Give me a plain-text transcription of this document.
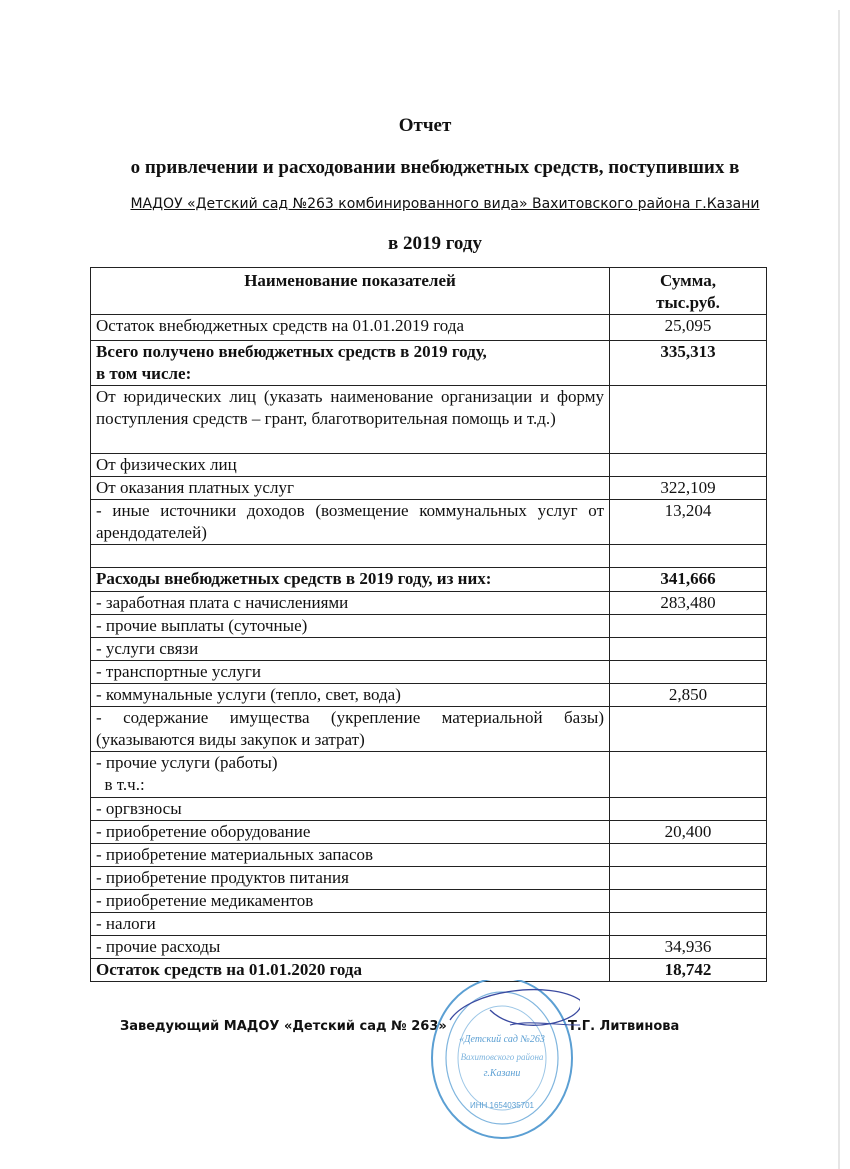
Отчет
о привлечении и расходовании внебюджетных средств, поступивших в
МАДОУ «Детский сад №263 комбинированного вида» Вахитовского района г.Казани
в 2019 году
Наименование показателей	Сумма,
тыс.руб.
Остаток внебюджетных средств на 01.01.2019 года	25,095
Всего получено внебюджетных средств в 2019 году,
в том числе:	335,313
От юридических лиц (указать наименование организации и форму поступления средств – грант, благотворительная помощь и т.д.)	
От физических лиц	
От оказания платных услуг	322,109
- иные источники доходов (возмещение коммунальных услуг от арендодателей)	13,204

Расходы внебюджетных средств в 2019 году, из них:	341,666
- заработная плата с начислениями	283,480
- прочие выплаты (суточные)	
- услуги связи	
- транспортные услуги	
- коммунальные услуги (тепло, свет, вода)	2,850
- содержание имущества (укрепление материальной базы) (указываются виды закупок и затрат)	
- прочие услуги (работы)
в т.ч.:	
- оргвзносы	
- приобретение оборудование	20,400
- приобретение материальных запасов	
- приобретение продуктов питания	
- приобретение медикаментов	
- налоги	
- прочие расходы	34,936
Остаток средств на 01.01.2020 года	18,742
Заведующий МАДОУ «Детский сад № 263»	Т.Г. Литвинова
«Детский сад №263
Вахитовского района
г.Казани
ИНН 1654035701
